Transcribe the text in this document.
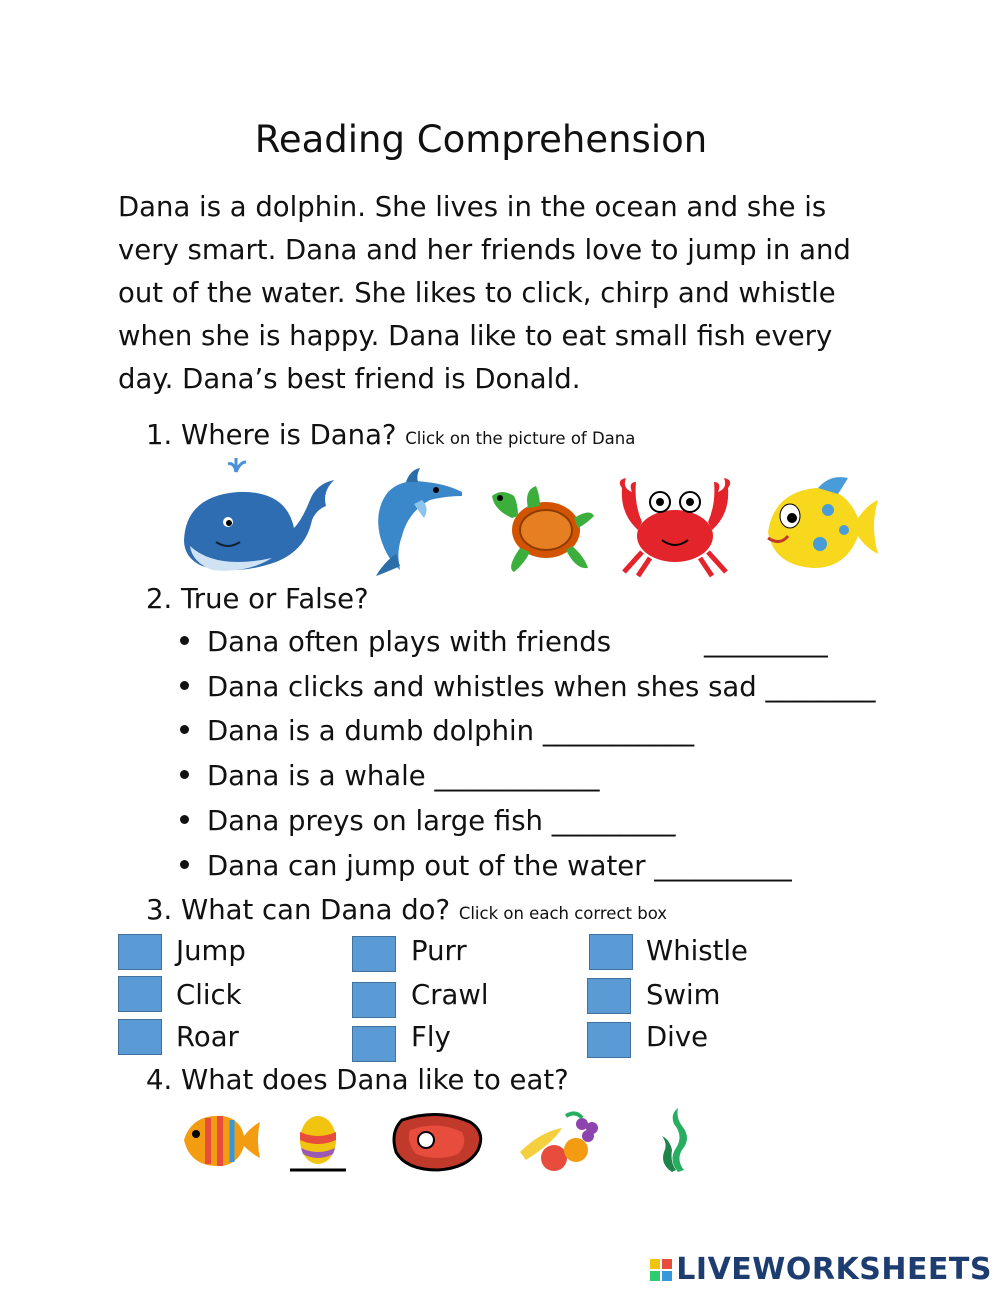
Reading Comprehension
Dana is a dolphin. She lives in the ocean and she is very smart. Dana and her friends love to jump in and out of the water. She likes to click, chirp and whistle when she is happy. Dana like to eat small fish every day. Dana’s best friend is Donald.
1. Where is Dana? Click on the picture of Dana
2. True or False?
Dana often plays with friends	_________
Dana clicks and whistles when shes sad ________
Dana is a dumb dolphin ___________
Dana is a whale ____________
Dana preys on large fish _________
Dana can jump out of the water __________
3. What can Dana do? Click on each correct box
Jump	Purr	Whistle
Click	Crawl	Swim
Roar	Fly	Dive
4. What does Dana like to eat?
LIVEWORKSHEETS
